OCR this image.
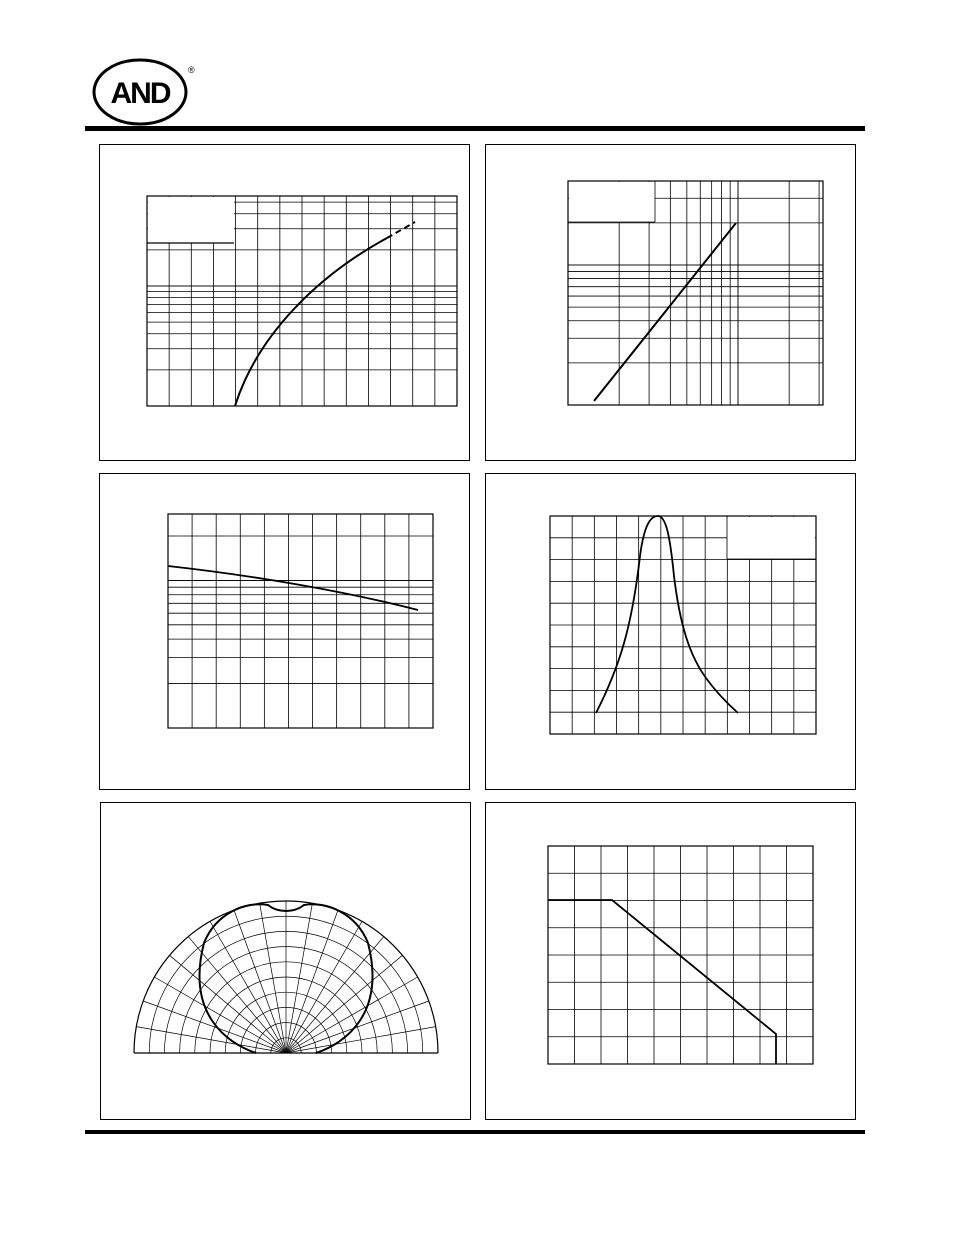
AND
®
